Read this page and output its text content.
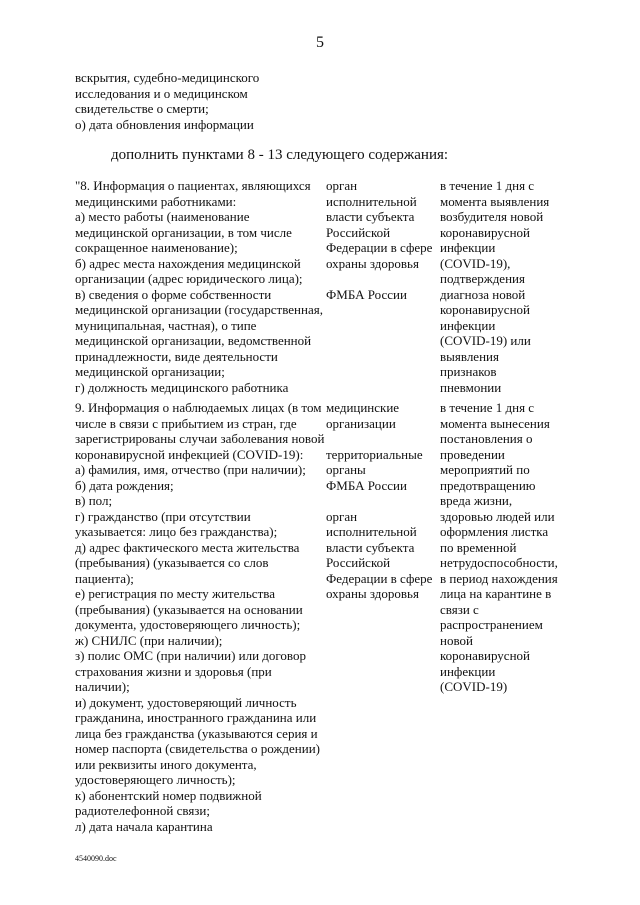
5
вскрытия, судебно-медицинского
исследования и о медицинском
свидетельстве о смерти;
о) дата обновления информации
дополнить пунктами 8 - 13 следующего содержания:
"8. Информация о пациентах, являющихся
медицинскими работниками:
а) место работы (наименование
медицинской организации, в том числе
сокращенное наименование);
б) адрес места нахождения медицинской
организации (адрес юридического лица);
в) сведения о форме собственности
медицинской организации (государственная,
муниципальная, частная), о типе
медицинской организации, ведомственной
принадлежности, виде деятельности
медицинской организации;
г) должность медицинского работника
орган
исполнительной
власти субъекта
Российской
Федерации в сфере
охраны здоровья
ФМБА России
в течение 1 дня с
момента выявления
возбудителя новой
коронавирусной
инфекции
(COVID-19),
подтверждения
диагноза новой
коронавирусной
инфекции
(COVID-19) или
выявления
признаков
пневмонии
9. Информация о наблюдаемых лицах (в том
числе в связи с прибытием из стран, где
зарегистрированы случаи заболевания новой
коронавирусной инфекцией (COVID-19):
а) фамилия, имя, отчество (при наличии);
б) дата рождения;
в) пол;
г) гражданство (при отсутствии
указывается: лицо без гражданства);
д) адрес фактического места жительства
(пребывания) (указывается со слов
пациента);
е) регистрация по месту жительства
(пребывания) (указывается на основании
документа, удостоверяющего личность);
ж) СНИЛС (при наличии);
з) полис ОМС (при наличии) или договор
страхования жизни и здоровья (при
наличии);
и) документ, удостоверяющий личность
гражданина, иностранного гражданина или
лица без гражданства (указываются серия и
номер паспорта (свидетельства о рождении)
или реквизиты иного документа,
удостоверяющего личность);
к) абонентский номер подвижной
радиотелефонной связи;
л) дата начала карантина
медицинские
организации
территориальные
органы
ФМБА России
орган
исполнительной
власти субъекта
Российской
Федерации в сфере
охраны здоровья
в течение 1 дня с
момента вынесения
постановления о
проведении
мероприятий по
предотвращению
вреда жизни,
здоровью людей или
оформления листка
по временной
нетрудоспособности,
в период нахождения
лица на карантине в
связи с
распространением
новой
коронавирусной
инфекции
(COVID-19)
4540090.doc
